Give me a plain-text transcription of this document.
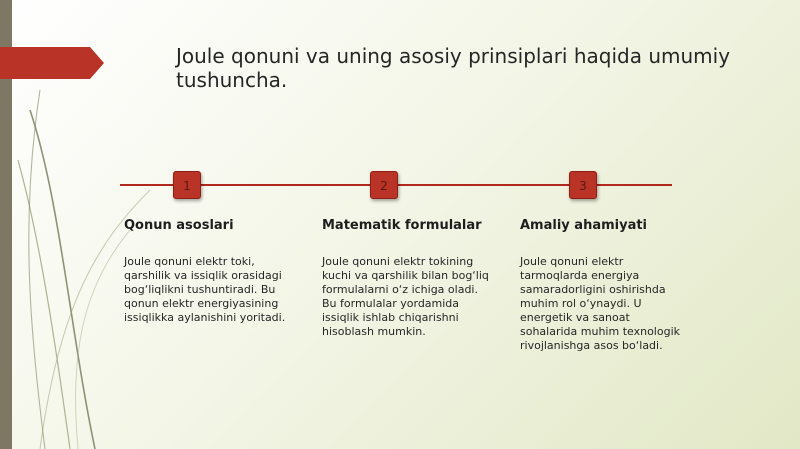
Joule qonuni va uning asosiy prinsiplari haqida umumiy tushuncha.
1	2	3
Qonun asoslari	Matematik formulalar	Amaliy ahamiyati
Joule qonuni elektr toki, qarshilik va issiqlik orasidagi bog‘liqlikni tushuntiradi. Bu qonun elektr energiyasining issiqlikka aylanishini yoritadi.
Joule qonuni elektr tokining kuchi va qarshilik bilan bog‘liq formulalarni o‘z ichiga oladi. Bu formulalar yordamida issiqlik ishlab chiqarishni hisoblash mumkin.
Joule qonuni elektr tarmoqlarda energiya samaradorligini oshirishda muhim rol o‘ynaydi. U energetik va sanoat sohalarida muhim texnologik rivojlanishga asos bo‘ladi.
